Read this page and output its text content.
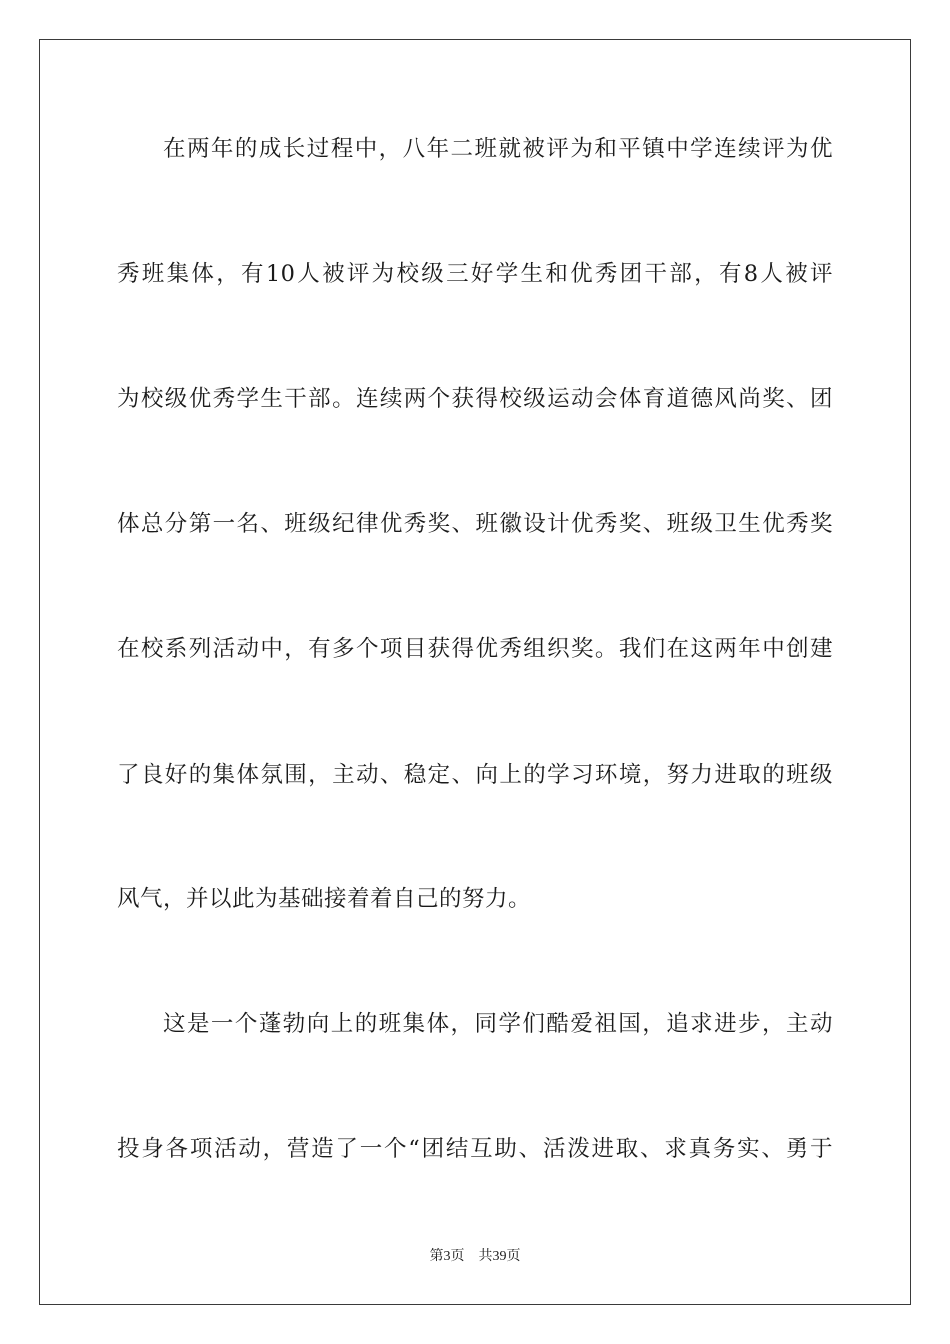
在两年的成长过程中，八年二班就被评为和平镇中学连续评为优
秀班集体，有10人被评为校级三好学生和优秀团干部，有8人被评
为校级优秀学生干部。连续两个获得校级运动会体育道德风尚奖、团
体总分第一名、班级纪律优秀奖、班徽设计优秀奖、班级卫生优秀奖
在校系列活动中，有多个项目获得优秀组织奖。我们在这两年中创建
了良好的集体氛围，主动、稳定、向上的学习环境，努力进取的班级
风气，并以此为基础接着着自己的努力。
这是一个蓬勃向上的班集体，同学们酷爱祖国，追求进步，主动
投身各项活动，营造了一个“团结互助、活泼进取、求真务实、勇于
第3页 共39页
